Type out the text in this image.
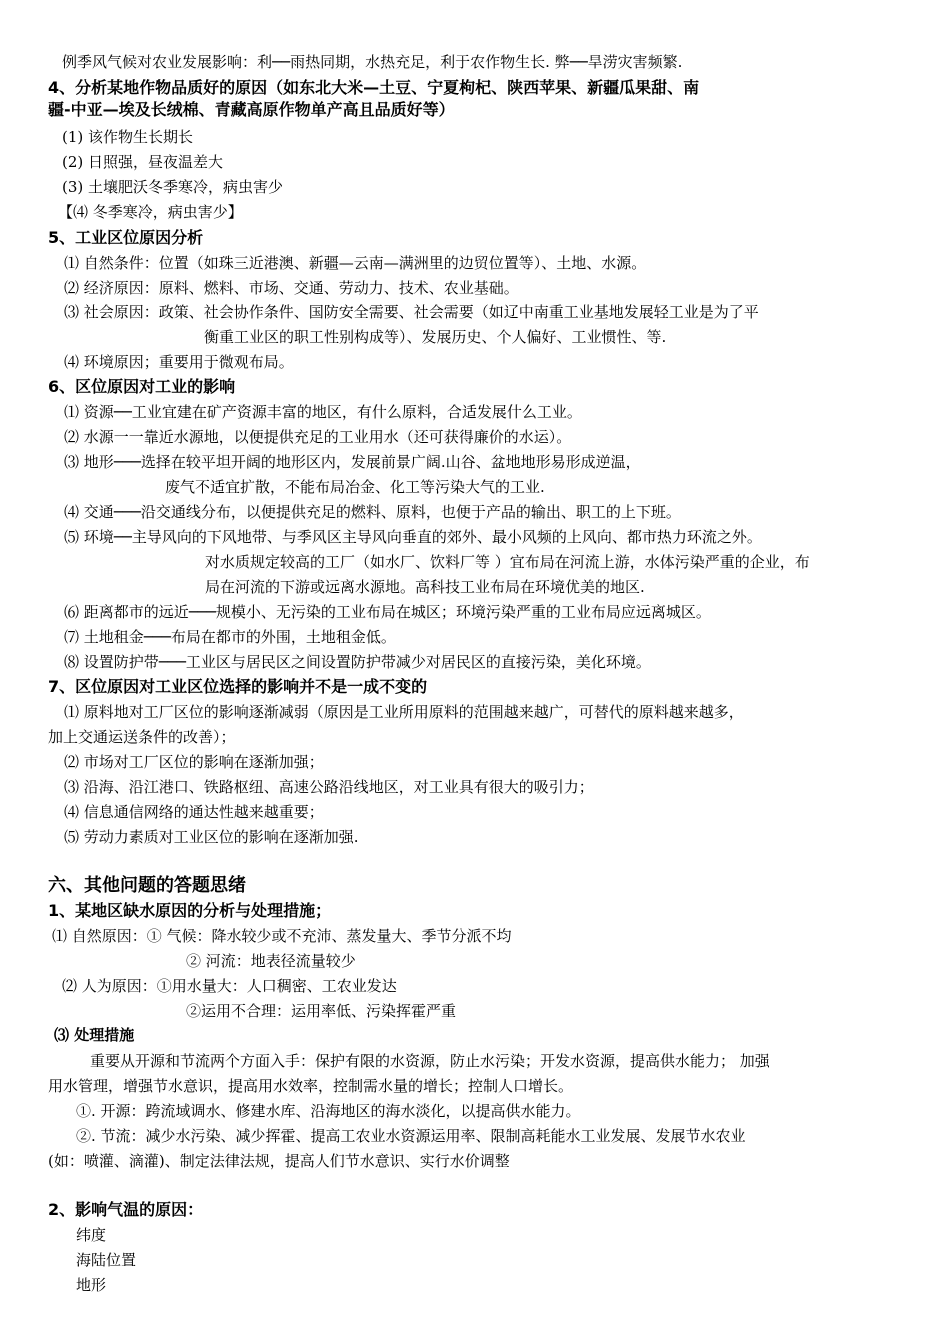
例季风气候对农业发展影响：利──雨热同期，水热充足，利于农作物生长. 弊──旱涝灾害频繁.
4、分析某地作物品质好的原因（如东北大米—土豆、宁夏枸杞、陕西苹果、新疆瓜果甜、南
疆-中亚—埃及长绒棉、青藏高原作物单产高且品质好等）
(1) 该作物生长期长
(2) 日照强，昼夜温差大
(3) 土壤肥沃冬季寒冷，病虫害少
【⑷ 冬季寒冷，病虫害少】
5、工业区位原因分析
⑴ 自然条件：位置（如珠三近港澳、新疆—云南—满洲里的边贸位置等）、土地、水源。
⑵ 经济原因：原料、燃料、市场、交通、劳动力、技术、农业基础。
⑶ 社会原因：政策、社会协作条件、国防安全需要、社会需要（如辽中南重工业基地发展轻工业是为了平
衡重工业区的职工性别构成等）、发展历史、个人偏好、工业惯性、等.
⑷ 环境原因；重要用于微观布局。
6、区位原因对工业的影响
⑴ 资源──工业宜建在矿产资源丰富的地区，有什么原料，合适发展什么工业。
⑵ 水源一一靠近水源地，以便提供充足的工业用水（还可获得廉价的水运）。
⑶ 地形───选择在较平坦开阔的地形区内，发展前景广阔.山谷、盆地地形易形成逆温，
废气不适宜扩散，不能布局冶金、化工等污染大气的工业.
⑷ 交通───沿交通线分布，以便提供充足的燃料、原料，也便于产品的输出、职工的上下班。
⑸ 环境──主导风向的下风地带、与季风区主导风向垂直的郊外、最小风频的上风向、都市热力环流之外。
对水质规定较高的工厂（如水厂、饮料厂等 ）宜布局在河流上游，水体污染严重的企业，布
局在河流的下游或远离水源地。高科技工业布局在环境优美的地区.
⑹ 距离都市的远近───规模小、无污染的工业布局在城区；环境污染严重的工业布局应远离城区。
⑺ 土地租金───布局在都市的外围，土地租金低。
⑻ 设置防护带───工业区与居民区之间设置防护带减少对居民区的直接污染，美化环境。
7、区位原因对工业区位选择的影响并不是一成不变的
⑴ 原料地对工厂区位的影响逐渐减弱（原因是工业所用原料的范围越来越广，可替代的原料越来越多，
加上交通运送条件的改善）；
⑵ 市场对工厂区位的影响在逐渐加强；
⑶ 沿海、沿江港口、铁路枢纽、高速公路沿线地区，对工业具有很大的吸引力；
⑷ 信息通信网络的通达性越来越重要；
⑸ 劳动力素质对工业区位的影响在逐渐加强.
六、其他问题的答题思绪
1、某地区缺水原因的分析与处理措施；
⑴ 自然原因：① 气候：降水较少或不充沛、蒸发量大、季节分派不均
② 河流：地表径流量较少
⑵ 人为原因：①用水量大：人口稠密、工农业发达
②运用不合理：运用率低、污染挥霍严重
⑶ 处理措施
重要从开源和节流两个方面入手：保护有限的水资源，防止水污染；开发水资源，提高供水能力； 加强
用水管理，增强节水意识，提高用水效率，控制需水量的增长；控制人口增长。
①. 开源：跨流域调水、修建水库、沿海地区的海水淡化，以提高供水能力。
②. 节流：减少水污染、减少挥霍、提高工农业水资源运用率、限制高耗能水工业发展、发展节水农业
(如：喷灌、滴灌)、制定法律法规，提高人们节水意识、实行水价调整
2、影响气温的原因：
纬度
海陆位置
地形
